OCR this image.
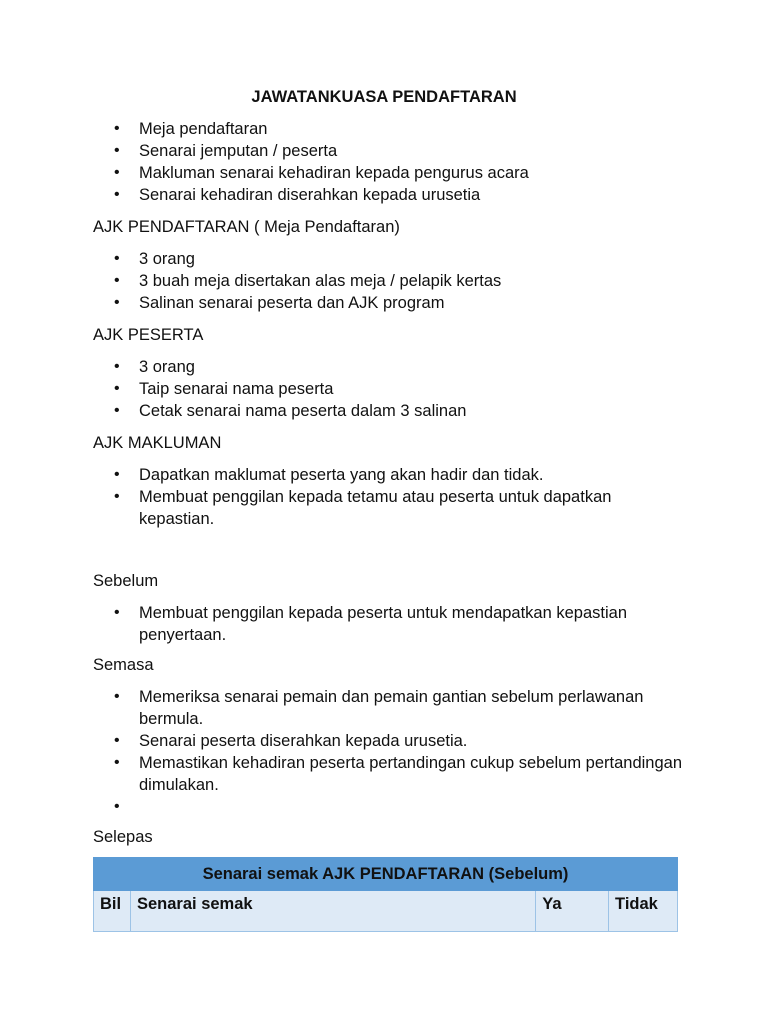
JAWATANKUASA PENDAFTARAN
• Meja pendaftaran
• Senarai jemputan / peserta
• Makluman senarai kehadiran kepada pengurus acara
• Senarai kehadiran diserahkan kepada urusetia
AJK PENDAFTARAN ( Meja Pendaftaran)
• 3 orang
• 3 buah meja disertakan alas meja / pelapik kertas
• Salinan senarai peserta dan AJK program
AJK PESERTA
• 3 orang
• Taip senarai nama peserta
• Cetak senarai nama peserta dalam 3 salinan
AJK MAKLUMAN
• Dapatkan maklumat peserta yang akan hadir dan tidak.
• Membuat penggilan kepada tetamu atau peserta untuk dapatkan kepastian.
Sebelum
• Membuat penggilan kepada peserta untuk mendapatkan kepastian penyertaan.
Semasa
• Memeriksa senarai pemain dan pemain gantian sebelum perlawanan bermula.
• Senarai peserta diserahkan kepada urusetia.
• Memastikan kehadiran peserta pertandingan cukup sebelum pertandingan dimulakan.
•
Selepas
Senarai semak AJK PENDAFTARAN (Sebelum)
Bil	Senarai semak	Ya	Tidak
